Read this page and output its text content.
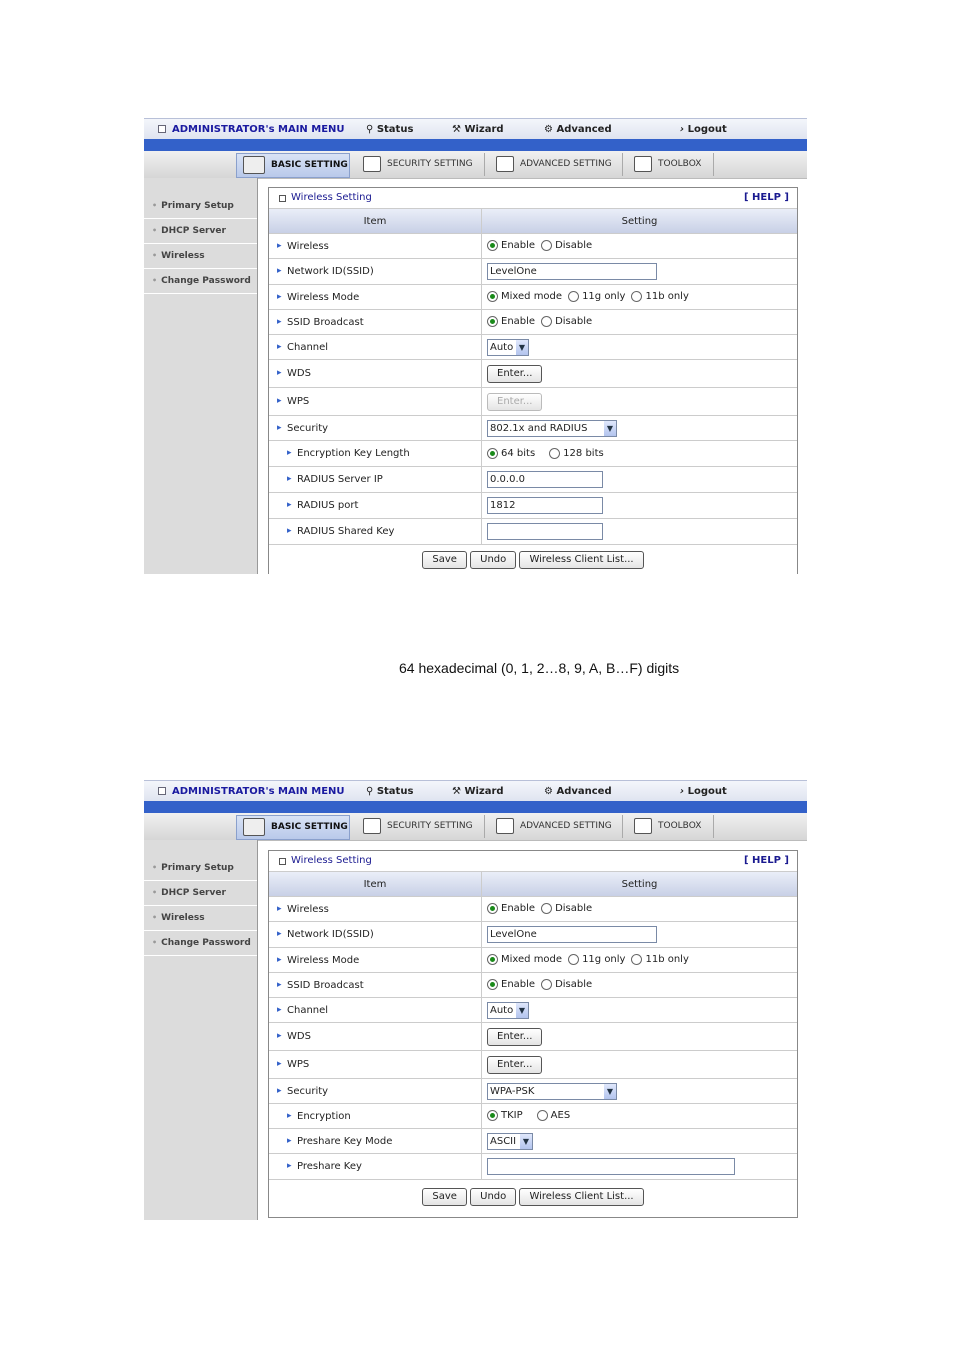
ADMINISTRATOR's MAIN MENU ⚲ Status	⚒ Wizard	⚙ Advanced	› Logout
BASIC SETTING	SECURITY SETTING	ADVANCED SETTING	TOOLBOX
• Primary Setup
• DHCP Server
• Wireless
• Change Password
Wireless Setting	[ HELP ]
Item	Setting
▸ Wireless	Enable Disable
▸ Network ID(SSID)	LevelOne
▸ Wireless Mode	Mixed mode 11g only 11b only
▸ SSID Broadcast	Enable Disable
▸ Channel	Auto ▼

▸ WDS	Enter...
▸ WPS	Enter...
▸ Security	802.1x and RADIUS ▼

▸ Encryption Key Length	64 bits 128 bits
▸ RADIUS Server IP	0.0.0.0
▸ RADIUS port	1812
▸ RADIUS Shared Key	
Save Undo Wireless Client List...	
64 hexadecimal (0, 1, 2…8, 9, A, B…F) digits
ADMINISTRATOR's MAIN MENU ⚲ Status	⚒ Wizard	⚙ Advanced	› Logout
BASIC SETTING	SECURITY SETTING	ADVANCED SETTING	TOOLBOX
• Primary Setup
• DHCP Server
• Wireless
• Change Password
Wireless Setting	[ HELP ]
Item	Setting
▸ Wireless	Enable Disable
▸ Network ID(SSID)	LevelOne
▸ Wireless Mode	Mixed mode 11g only 11b only
▸ SSID Broadcast	Enable Disable
▸ Channel	Auto ▼

▸ WDS	Enter...
▸ WPS	Enter...
▸ Security	WPA-PSK ▼

▸ Encryption	TKIP AES
▸ Preshare Key Mode	ASCII ▼

▸ Preshare Key	
Save Undo Wireless Client List...	
